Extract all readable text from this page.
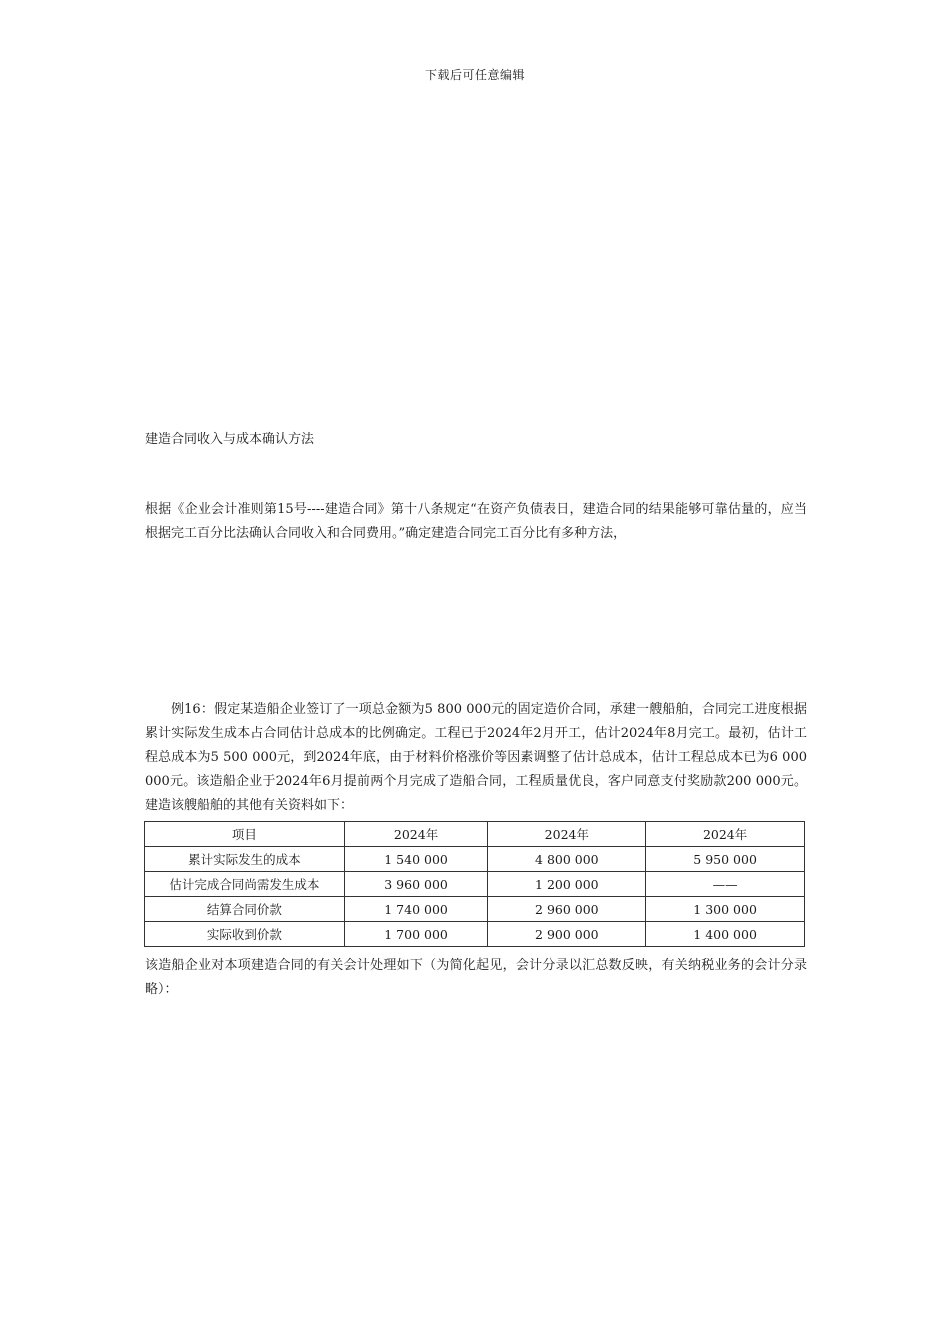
下载后可任意编辑
建造合同收入与成本确认方法
根据《企业会计准则第15号----建造合同》第十八条规定“在资产负债表日，建造合同的结果能够可靠估量的，应当根据完工百分比法确认合同收入和合同费用。”确定建造合同完工百分比有多种方法，
例16：假定某造船企业签订了一项总金额为5 800 000元的固定造价合同，承建一艘船舶，合同完工进度根据累计实际发生成本占合同估计总成本的比例确定。工程已于2024年2月开工，估计2024年8月完工。最初，估计工程总成本为5 500 000元，到2024年底，由于材料价格涨价等因素调整了估计总成本，估计工程总成本已为6 000 000元。该造船企业于2024年6月提前两个月完成了造船合同，工程质量优良，客户同意支付奖励款200 000元。建造该艘船舶的其他有关资料如下：
项目	2024年	2024年	2024年
累计实际发生的成本	1 540 000	4 800 000	5 950 000
估计完成合同尚需发生成本	3 960 000	1 200 000	——
结算合同价款	1 740 000	2 960 000	1 300 000
实际收到价款	1 700 000	2 900 000	1 400 000
该造船企业对本项建造合同的有关会计处理如下（为简化起见，会计分录以汇总数反映，有关纳税业务的会计分录略）：
